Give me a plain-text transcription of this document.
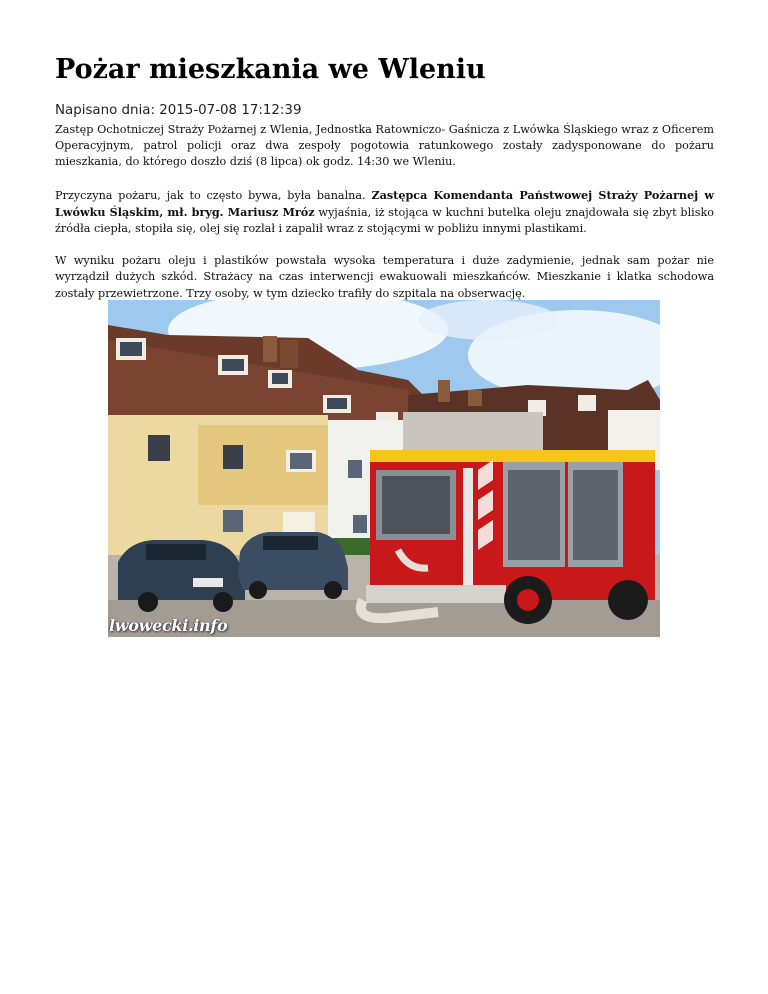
Pożar mieszkania we Wleniu
Napisano dnia: 2015-07-08 17:12:39

Zastęp Ochotniczej Straży Pożarnej z Wlenia, Jednostka Ratowniczo- Gaśnicza z Lwówka Śląskiego wraz z Oficerem Operacyjnym, patrol policji oraz dwa zespoły pogotowia ratunkowego zostały zadysponowane do pożaru mieszkania, do którego doszło dziś (8 lipca) ok godz. 14:30 we Wleniu.

Przyczyna pożaru, jak to często bywa, była banalna. Zastępca Komendanta Państwowej Straży Pożarnej w Lwówku Śląskim, mł. bryg. Mariusz Mróz wyjaśnia, iż stojąca w kuchni butelka oleju znajdowała się zbyt blisko źródła ciepła, stopiła się, olej się rozlał i zapalił wraz z stojącymi w pobliżu innymi plastikami.

W wyniku pożaru oleju i plastików powstała wysoka temperatura i duże zadymienie, jednak sam pożar nie wyrządził dużych szkód. Strażacy na czas interwencji ewakuowali mieszkańców. Mieszkanie i klatka schodowa zostały przewietrzone. Trzy osoby, w tym dziecko trafiły do szpitala na obserwację.

lwowecki.info
